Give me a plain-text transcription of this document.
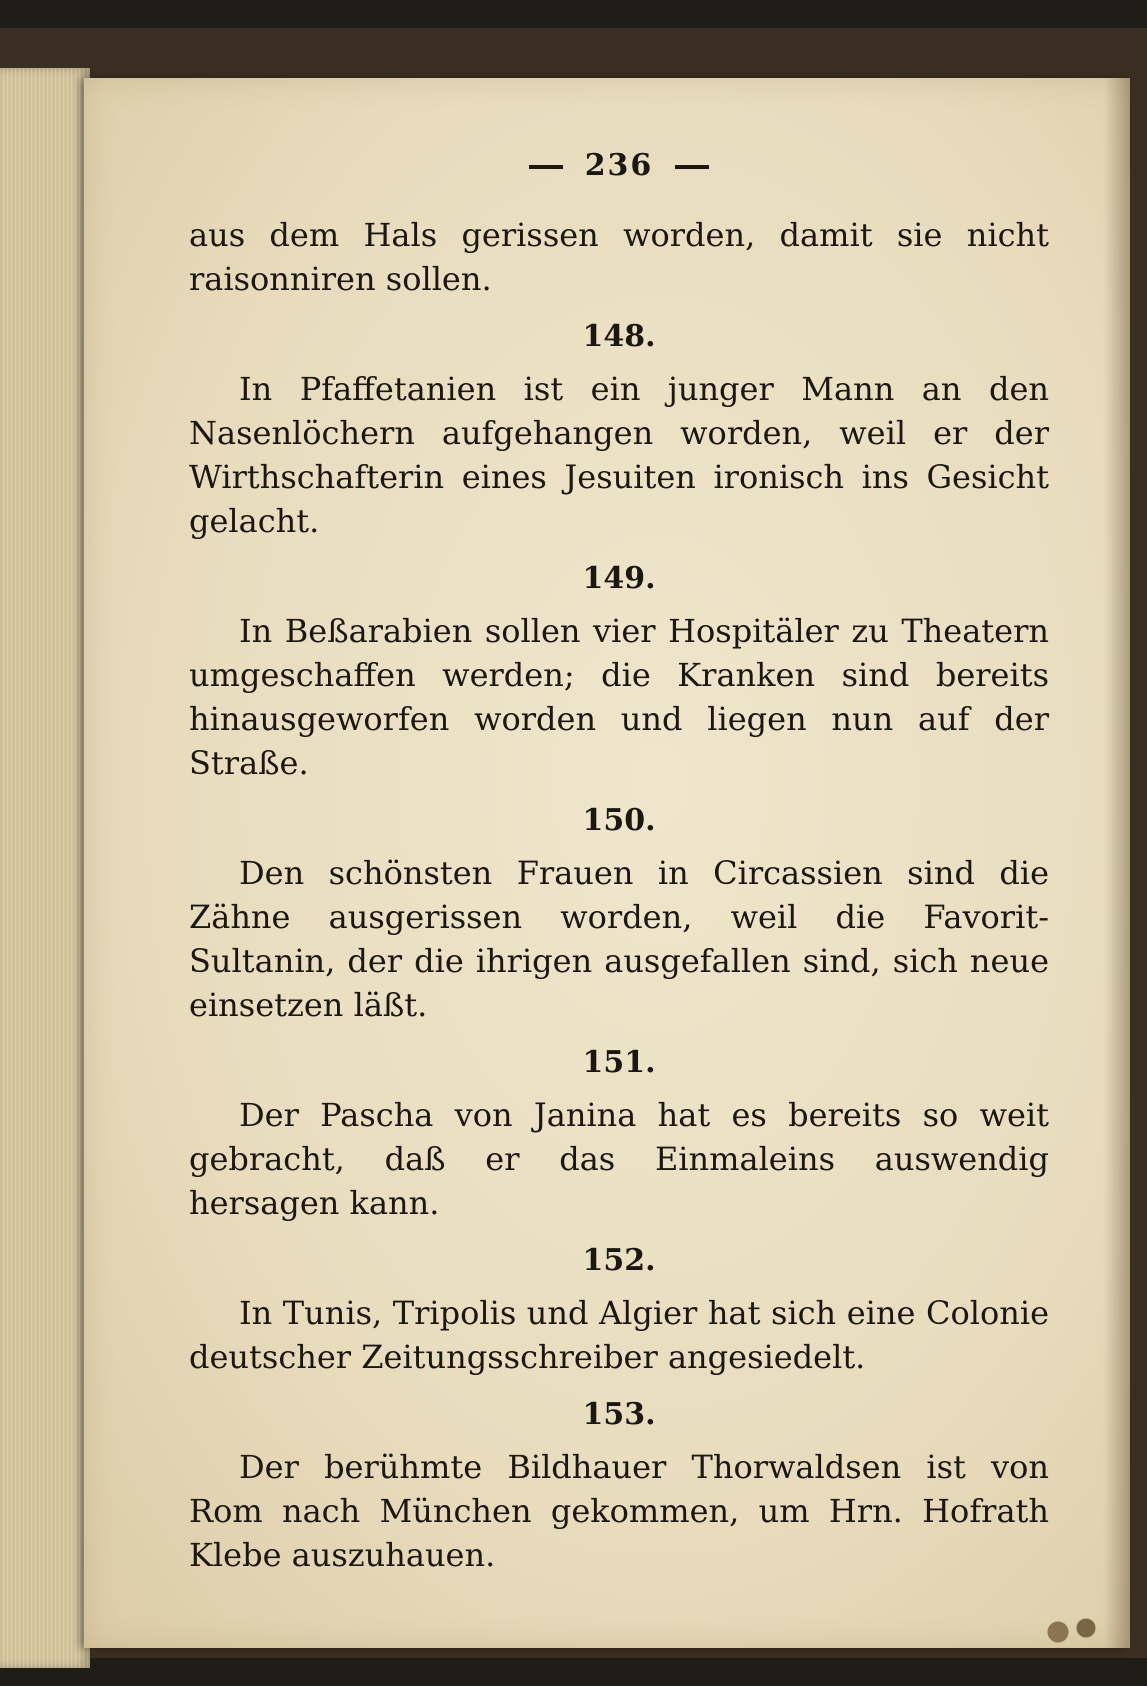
236

aus dem Hals gerissen worden, damit sie nicht raisonniren sollen.

148.

In Pfaffetanien ist ein junger Mann an den Nasenlöchern aufgehangen worden, weil er der Wirthschafterin eines Jesuiten ironisch ins Gesicht gelacht.

149.

In Beßarabien sollen vier Hospitäler zu Theatern umgeschaffen werden; die Kranken sind bereits hinausgeworfen worden und liegen nun auf der Straße.

150.

Den schönsten Frauen in Circassien sind die Zähne ausgerissen worden, weil die Favorit-Sultanin, der die ihrigen ausgefallen sind, sich neue einsetzen läßt.

151.

Der Pascha von Janina hat es bereits so weit gebracht, daß er das Einmaleins auswendig hersagen kann.

152.

In Tunis, Tripolis und Algier hat sich eine Colonie deutscher Zeitungsschreiber angesiedelt.

153.

Der berühmte Bildhauer Thorwaldsen ist von Rom nach München gekommen, um Hrn. Hofrath Klebe auszuhauen.
